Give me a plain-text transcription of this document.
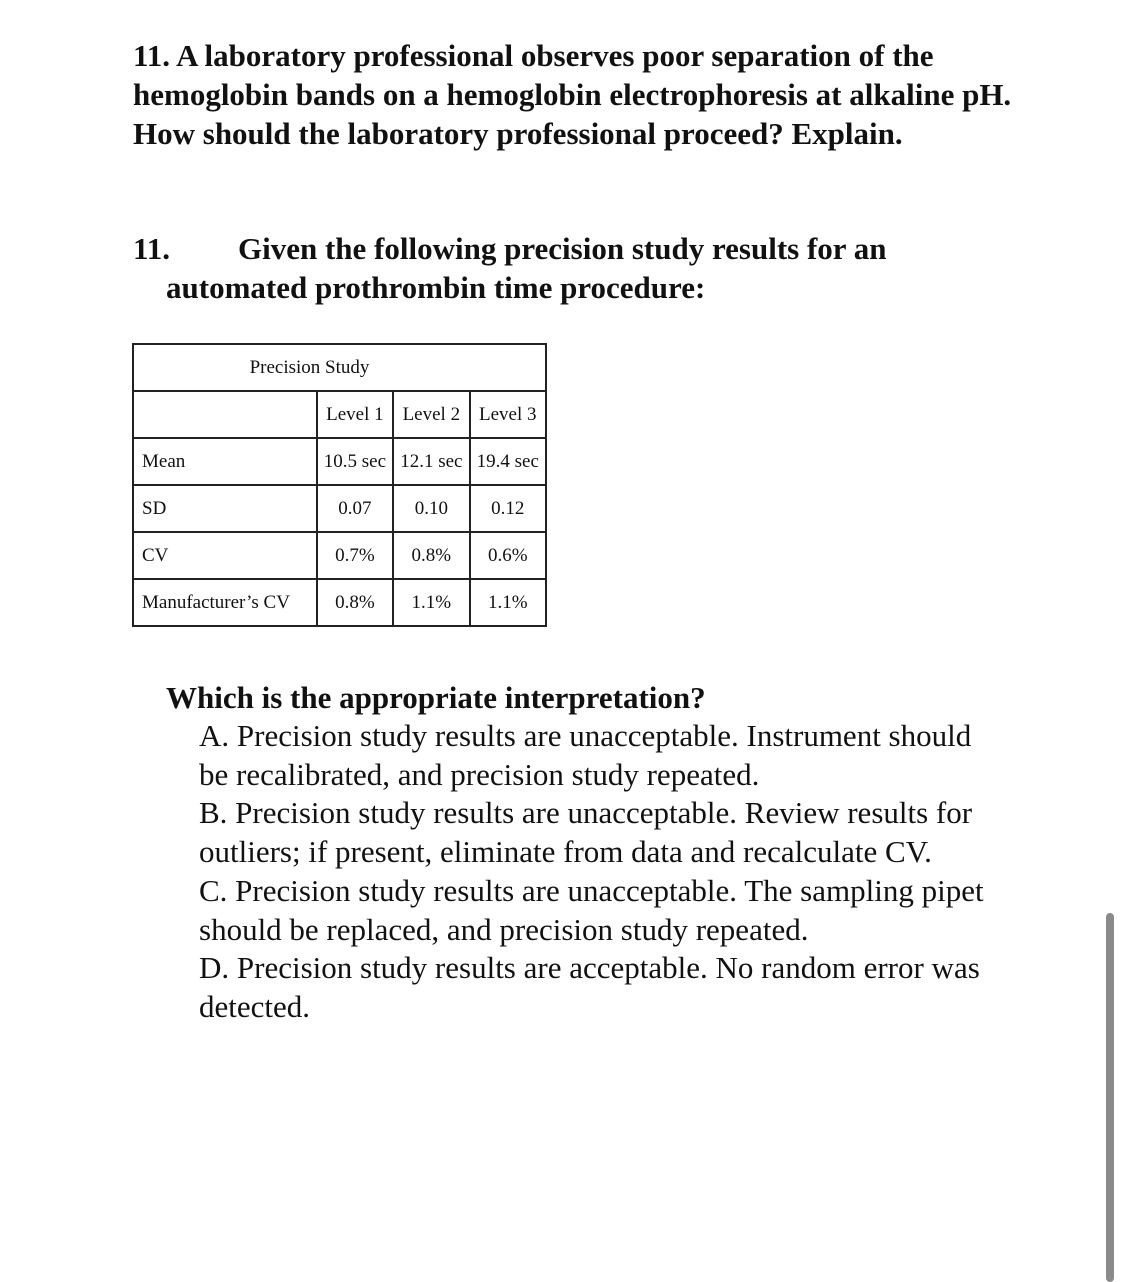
11. A laboratory professional observes poor separation of the hemoglobin bands on a hemoglobin electrophoresis at alkaline pH. How should the laboratory professional proceed? Explain.

11. Given the following precision study results for an
automated prothrombin time procedure:
Precision Study			
	Level 1	Level 2	Level 3
Mean	10.5 sec	12.1 sec	19.4 sec
SD	0.07	0.10	0.12
CV	0.7%	0.8%	0.6%
Manufacturer’s CV	0.8%	1.1%	1.1%
Which is the appropriate interpretation?
A. Precision study results are unacceptable. Instrument should be recalibrated, and precision study repeated.
B. Precision study results are unacceptable. Review results for outliers; if present, eliminate from data and recalculate CV.
C. Precision study results are unacceptable. The sampling pipet should be replaced, and precision study repeated.
D. Precision study results are acceptable. No random error was detected.
